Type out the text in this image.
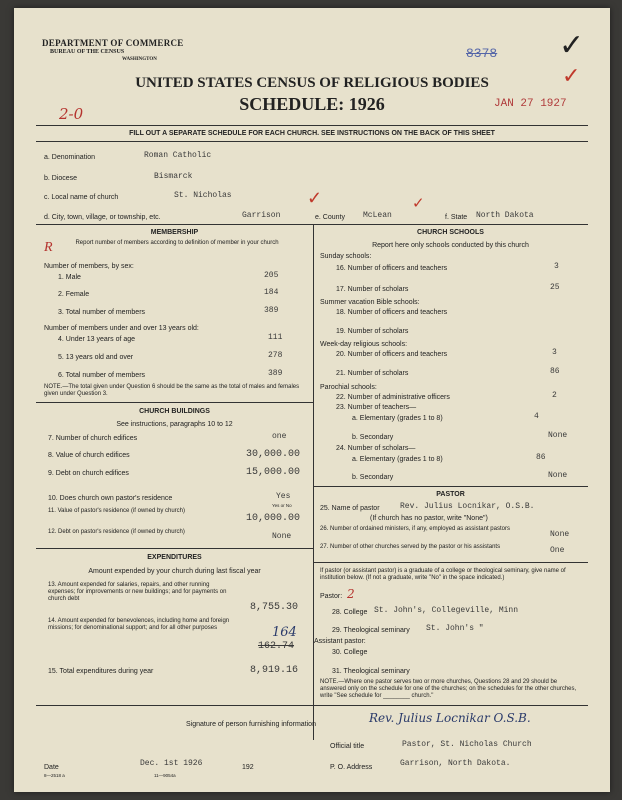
DEPARTMENT OF COMMERCE
BUREAU OF THE CENSUS
WASHINGTON	8378 ✓
✓
UNITED STATES CENSUS OF RELIGIOUS BODIES
SCHEDULE: 1926
2-0
JAN 27 1927
FILL OUT A SEPARATE SCHEDULE FOR EACH CHURCH. SEE INSTRUCTIONS ON THE BACK OF THIS SHEET
a. Denomination	Roman Catholic
b. Diocese	Bismarck
c. Local name of church	St. Nicholas
d. City, town, village, or township, etc.	Garrison
✓
e. County McLean
✓
f. State North Dakota
MEMBERSHIP
R	Report number of members according to definition of member in your church
Number of members, by sex:
1. Male	205
2. Female	184
3. Total number of members	389
Number of members under and over 13 years old:
4. Under 13 years of age	111
5. 13 years old and over	278
6. Total number of members	389
NOTE.—The total given under Question 6 should be the same as the total of males and females given under Question 3.
CHURCH BUILDINGS
See instructions, paragraphs 10 to 12
7. Number of church edifices	one
8. Value of church edifices	30,000.00
9. Debt on church edifices	15,000.00
10. Does church own pastor's residence	Yes
Yes or No
11. Value of pastor's residence (if owned by church)
10,000.00
12. Debt on pastor's residence (if owned by church)	None
EXPENDITURES
Amount expended by your church during last fiscal year
13. Amount expended for salaries, repairs, and other running expenses; for improvements or new buildings; and for payments on church debt
8,755.30
14. Amount expended for benevolences, including home and foreign missions; for denominational support; and for all other purposes
162.74
164
15. Total expenditures during year	8,919.16
CHURCH SCHOOLS
Report here only schools conducted by this church
Sunday schools:
16. Number of officers and teachers	3
17. Number of scholars	25
Summer vacation Bible schools:
18. Number of officers and teachers
19. Number of scholars
Week-day religious schools:
20. Number of officers and teachers	3
21. Number of scholars	86
Parochial schools:
22. Number of administrative officers	2
23. Number of teachers—
a. Elementary (grades 1 to 8)	4
b. Secondary	None
24. Number of scholars—
a. Elementary (grades 1 to 8)	86
b. Secondary	None
PASTOR
25. Name of pastor	Rev. Julius Locnikar, O.S.B.
(If church has no pastor, write "None")
26. Number of ordained ministers, if any, employed as assistant pastors
None
27. Number of other churches served by the pastor or his assistants	One
If pastor (or assistant pastor) is a graduate of a college or theological seminary, give name of institution below. (If not a graduate, write "No" in the space indicated.)
Pastor: 2
28. College St. John's, Collegeville, Minn
29. Theological seminary St. John's "
Assistant pastor:
30. College
31. Theological seminary
NOTE.—Where one pastor serves two or more churches, Questions 28 and 29 should be answered only on the schedule for one of the churches; on the schedules for the other churches, write "See schedule for ________ church."
Signature of person furnishing information	Rev. Julius Locnikar O.S.B.
Official title	Pastor, St. Nicholas Church
Date	Dec. 1st 1926	192	P. O. Address	Garrison, North Dakota.
8—2518 a	11—9054a
